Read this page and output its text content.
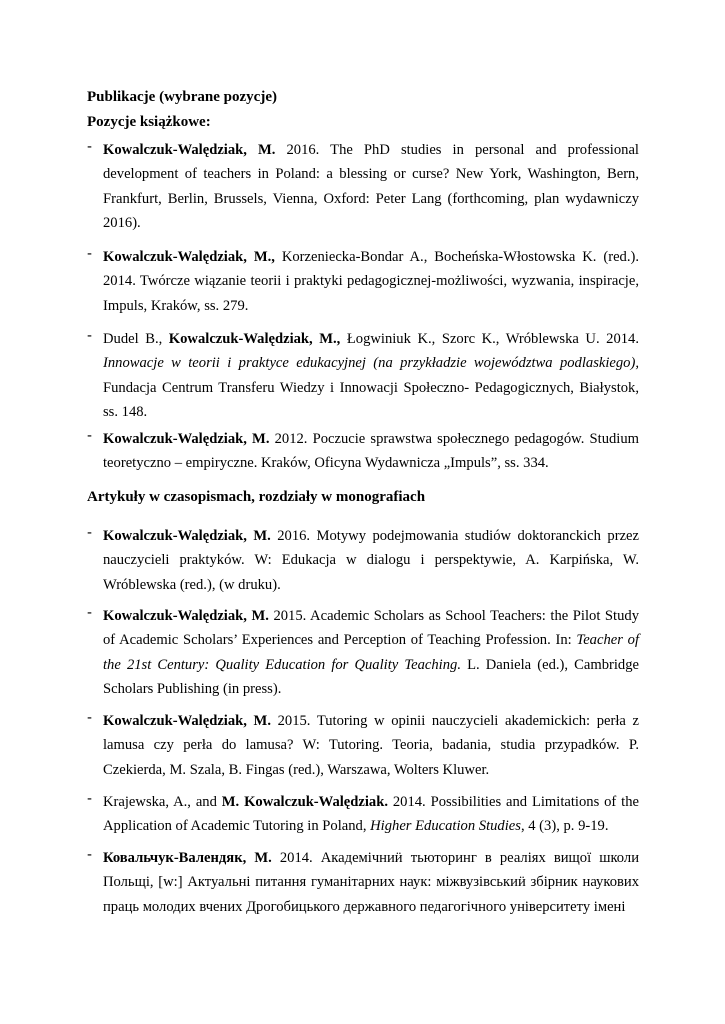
Publikacje (wybrane pozycje)
Pozycje książkowe:
- Kowalczuk-Walędziak, M. 2016. The PhD studies in personal and professional development of teachers in Poland: a blessing or curse? New York, Washington, Bern, Frankfurt, Berlin, Brussels, Vienna, Oxford: Peter Lang (forthcoming, plan wydawniczy 2016).
- Kowalczuk-Walędziak, M., Korzeniecka-Bondar A., Bocheńska-Włostowska K. (red.). 2014. Twórcze wiązanie teorii i praktyki pedagogicznej-możliwości, wyzwania, inspiracje, Impuls, Kraków, ss. 279.
- Dudel B., Kowalczuk-Walędziak, M., Łogwiniuk K., Szorc K., Wróblewska U. 2014. Innowacje w teorii i praktyce edukacyjnej (na przykładzie województwa podlaskiego), Fundacja Centrum Transferu Wiedzy i Innowacji Społeczno- Pedagogicznych, Białystok, ss. 148.
- Kowalczuk-Walędziak, M. 2012. Poczucie sprawstwa społecznego pedagogów. Studium teoretyczno – empiryczne. Kraków, Oficyna Wydawnicza „Impuls”, ss. 334.
Artykuły w czasopismach, rozdziały w monografiach
- Kowalczuk-Walędziak, M. 2016. Motywy podejmowania studiów doktoranckich przez nauczycieli praktyków. W: Edukacja w dialogu i perspektywie, A. Karpińska, W. Wróblewska (red.), (w druku).
- Kowalczuk-Walędziak, M. 2015. Academic Scholars as School Teachers: the Pilot Study of Academic Scholars’ Experiences and Perception of Teaching Profession. In: Teacher of the 21st Century: Quality Education for Quality Teaching. L. Daniela (ed.), Cambridge Scholars Publishing (in press).
- Kowalczuk-Walędziak, M. 2015. Tutoring w opinii nauczycieli akademickich: perła z lamusa czy perła do lamusa? W: Tutoring. Teoria, badania, studia przypadków. P. Czekierda, M. Szala, B. Fingas (red.), Warszawa, Wolters Kluwer.
- Krajewska, A., and M. Kowalczuk-Walędziak. 2014. Possibilities and Limitations of the Application of Academic Tutoring in Poland, Higher Education Studies, 4 (3), p. 9-19.
- Ковальчук-Валендяк, М. 2014. Академічниӥ тьюторинг в реаліях вищої школи Польщі, [w:] Актуальні питання гуманітарних наук: міжвузівськиӥ збірник наукових праць молодих вчених Дрогобицького державного педагогічного університету імені
